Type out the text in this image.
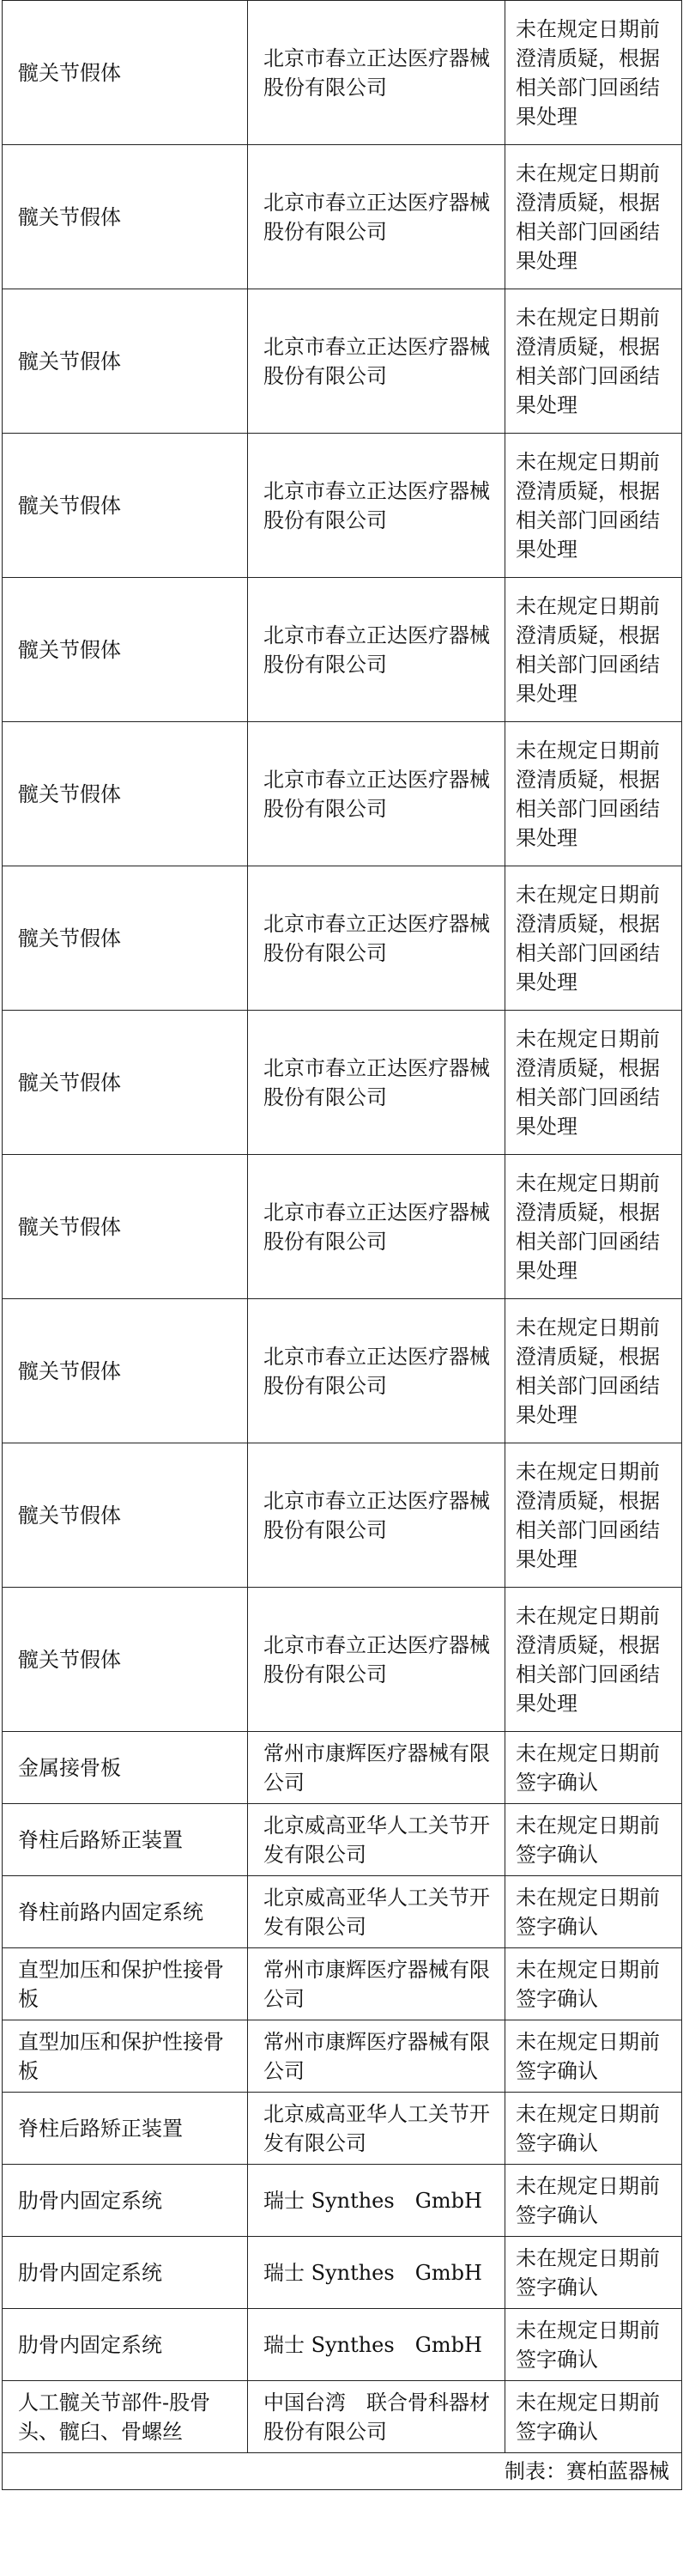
髋关节假体	北京市春立正达医疗器械股份有限公司	未在规定日期前澄清质疑，根据相关部门回函结果处理
髋关节假体	北京市春立正达医疗器械股份有限公司	未在规定日期前澄清质疑，根据相关部门回函结果处理
髋关节假体	北京市春立正达医疗器械股份有限公司	未在规定日期前澄清质疑，根据相关部门回函结果处理
髋关节假体	北京市春立正达医疗器械股份有限公司	未在规定日期前澄清质疑，根据相关部门回函结果处理
髋关节假体	北京市春立正达医疗器械股份有限公司	未在规定日期前澄清质疑，根据相关部门回函结果处理
髋关节假体	北京市春立正达医疗器械股份有限公司	未在规定日期前澄清质疑，根据相关部门回函结果处理
髋关节假体	北京市春立正达医疗器械股份有限公司	未在规定日期前澄清质疑，根据相关部门回函结果处理
髋关节假体	北京市春立正达医疗器械股份有限公司	未在规定日期前澄清质疑，根据相关部门回函结果处理
髋关节假体	北京市春立正达医疗器械股份有限公司	未在规定日期前澄清质疑，根据相关部门回函结果处理
髋关节假体	北京市春立正达医疗器械股份有限公司	未在规定日期前澄清质疑，根据相关部门回函结果处理
髋关节假体	北京市春立正达医疗器械股份有限公司	未在规定日期前澄清质疑，根据相关部门回函结果处理
髋关节假体	北京市春立正达医疗器械股份有限公司	未在规定日期前澄清质疑，根据相关部门回函结果处理
金属接骨板	常州市康辉医疗器械有限公司	未在规定日期前签字确认
脊柱后路矫正装置	北京威高亚华人工关节开发有限公司	未在规定日期前签字确认
脊柱前路内固定系统	北京威高亚华人工关节开发有限公司	未在规定日期前签字确认
直型加压和保护性接骨板	常州市康辉医疗器械有限公司	未在规定日期前签字确认
直型加压和保护性接骨板	常州市康辉医疗器械有限公司	未在规定日期前签字确认
脊柱后路矫正装置	北京威高亚华人工关节开发有限公司	未在规定日期前签字确认
肋骨内固定系统	瑞士 Synthes　GmbH	未在规定日期前签字确认
肋骨内固定系统	瑞士 Synthes　GmbH	未在规定日期前签字确认
肋骨内固定系统	瑞士 Synthes　GmbH	未在规定日期前签字确认
人工髋关节部件-股骨头、髋臼、骨螺丝	中国台湾　联合骨科器材股份有限公司	未在规定日期前签字确认
制表：赛柏蓝器械		
